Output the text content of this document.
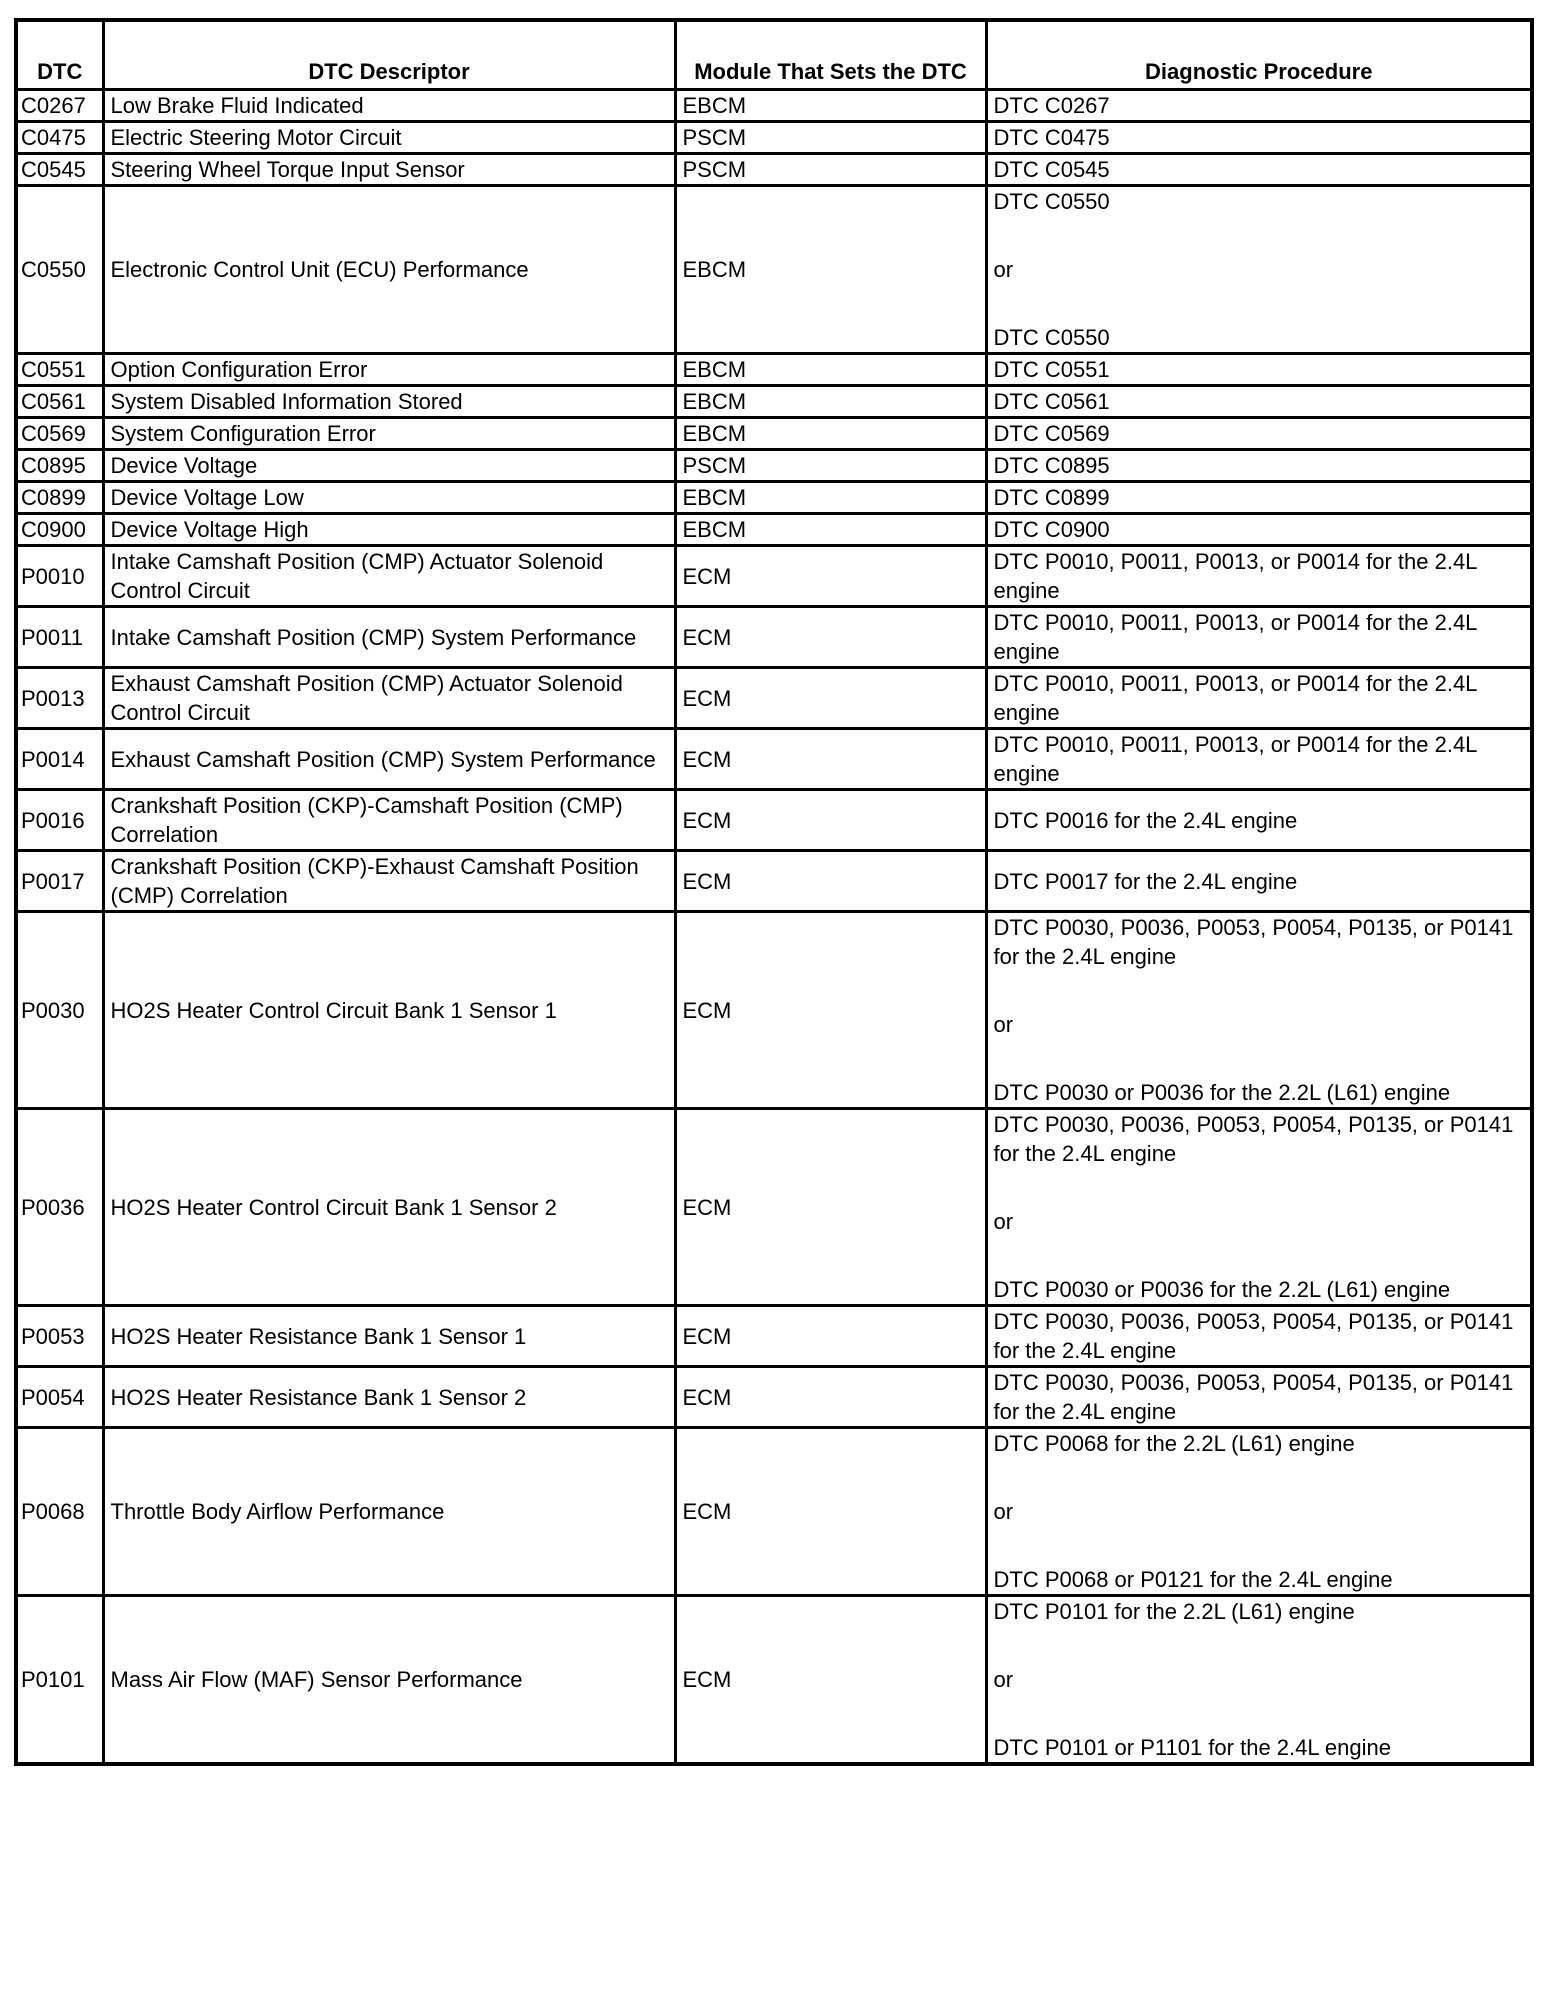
DTC	DTC Descriptor	Module That Sets the DTC	Diagnostic Procedure
C0267	Low Brake Fluid Indicated	EBCM	DTC C0267

C0475	Electric Steering Motor Circuit	PSCM	DTC C0475

C0545	Steering Wheel Torque Input Sensor	PSCM	DTC C0545

C0550	Electronic Control Unit (ECU) Performance	EBCM	DTC C0550
or
DTC C0550

C0551	Option Configuration Error	EBCM	DTC C0551

C0561	System Disabled Information Stored	EBCM	DTC C0561

C0569	System Configuration Error	EBCM	DTC C0569

C0895	Device Voltage	PSCM	DTC C0895

C0899	Device Voltage Low	EBCM	DTC C0899

C0900	Device Voltage High	EBCM	DTC C0900

P0010	Intake Camshaft Position (CMP) Actuator Solenoid Control Circuit	ECM	DTC P0010, P0011, P0013, or P0014 for the 2.4L engine

P0011	Intake Camshaft Position (CMP) System Performance	ECM	DTC P0010, P0011, P0013, or P0014 for the 2.4L engine

P0013	Exhaust Camshaft Position (CMP) Actuator Solenoid Control Circuit	ECM	DTC P0010, P0011, P0013, or P0014 for the 2.4L engine

P0014	Exhaust Camshaft Position (CMP) System Performance	ECM	DTC P0010, P0011, P0013, or P0014 for the 2.4L engine

P0016	Crankshaft Position (CKP)-Camshaft Position (CMP) Correlation	ECM	DTC P0016 for the 2.4L engine

P0017	Crankshaft Position (CKP)-Exhaust Camshaft Position (CMP) Correlation	ECM	DTC P0017 for the 2.4L engine

P0030	HO2S Heater Control Circuit Bank 1 Sensor 1	ECM	DTC P0030, P0036, P0053, P0054, P0135, or P0141 for the 2.4L engine
or
DTC P0030 or P0036 for the 2.2L (L61) engine

P0036	HO2S Heater Control Circuit Bank 1 Sensor 2	ECM	DTC P0030, P0036, P0053, P0054, P0135, or P0141 for the 2.4L engine
or
DTC P0030 or P0036 for the 2.2L (L61) engine

P0053	HO2S Heater Resistance Bank 1 Sensor 1	ECM	DTC P0030, P0036, P0053, P0054, P0135, or P0141 for the 2.4L engine

P0054	HO2S Heater Resistance Bank 1 Sensor 2	ECM	DTC P0030, P0036, P0053, P0054, P0135, or P0141 for the 2.4L engine

P0068	Throttle Body Airflow Performance	ECM	DTC P0068 for the 2.2L (L61) engine
or
DTC P0068 or P0121 for the 2.4L engine

P0101	Mass Air Flow (MAF) Sensor Performance	ECM	DTC P0101 for the 2.2L (L61) engine
or
DTC P0101 or P1101 for the 2.4L engine
